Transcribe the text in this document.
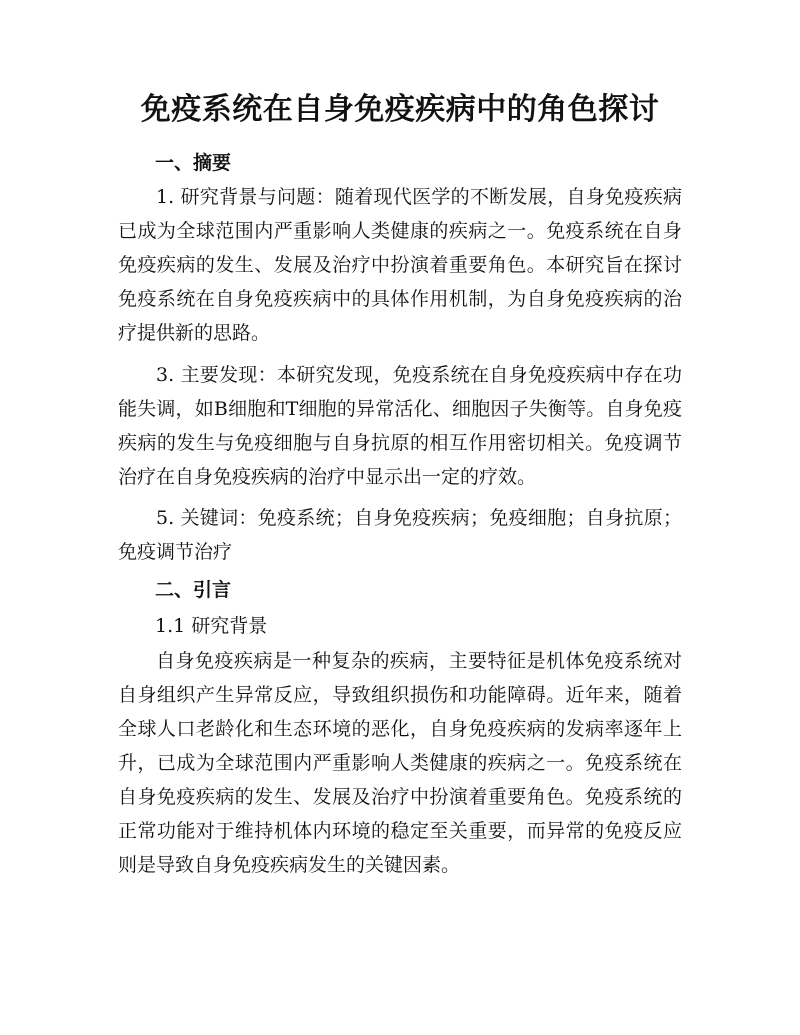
免疫系统在自身免疫疾病中的角色探讨
一、摘要

1. 研究背景与问题：随着现代医学的不断发展，自身免疫疾病已成为全球范围内严重影响人类健康的疾病之一。免疫系统在自身免疫疾病的发生、发展及治疗中扮演着重要角色。本研究旨在探讨免疫系统在自身免疫疾病中的具体作用机制，为自身免疫疾病的治疗提供新的思路。

3. 主要发现：本研究发现，免疫系统在自身免疫疾病中存在功能失调，如B细胞和T细胞的异常活化、细胞因子失衡等。自身免疫疾病的发生与免疫细胞与自身抗原的相互作用密切相关。免疫调节治疗在自身免疫疾病的治疗中显示出一定的疗效。

5. 关键词：免疫系统；自身免疫疾病；免疫细胞；自身抗原；免疫调节治疗

二、引言
1.1 研究背景

自身免疫疾病是一种复杂的疾病，主要特征是机体免疫系统对自身组织产生异常反应，导致组织损伤和功能障碍。近年来，随着全球人口老龄化和生态环境的恶化，自身免疫疾病的发病率逐年上升，已成为全球范围内严重影响人类健康的疾病之一。免疫系统在自身免疫疾病的发生、发展及治疗中扮演着重要角色。免疫系统的正常功能对于维持机体内环境的稳定至关重要，而异常的免疫反应则是导致自身免疫疾病发生的关键因素。
